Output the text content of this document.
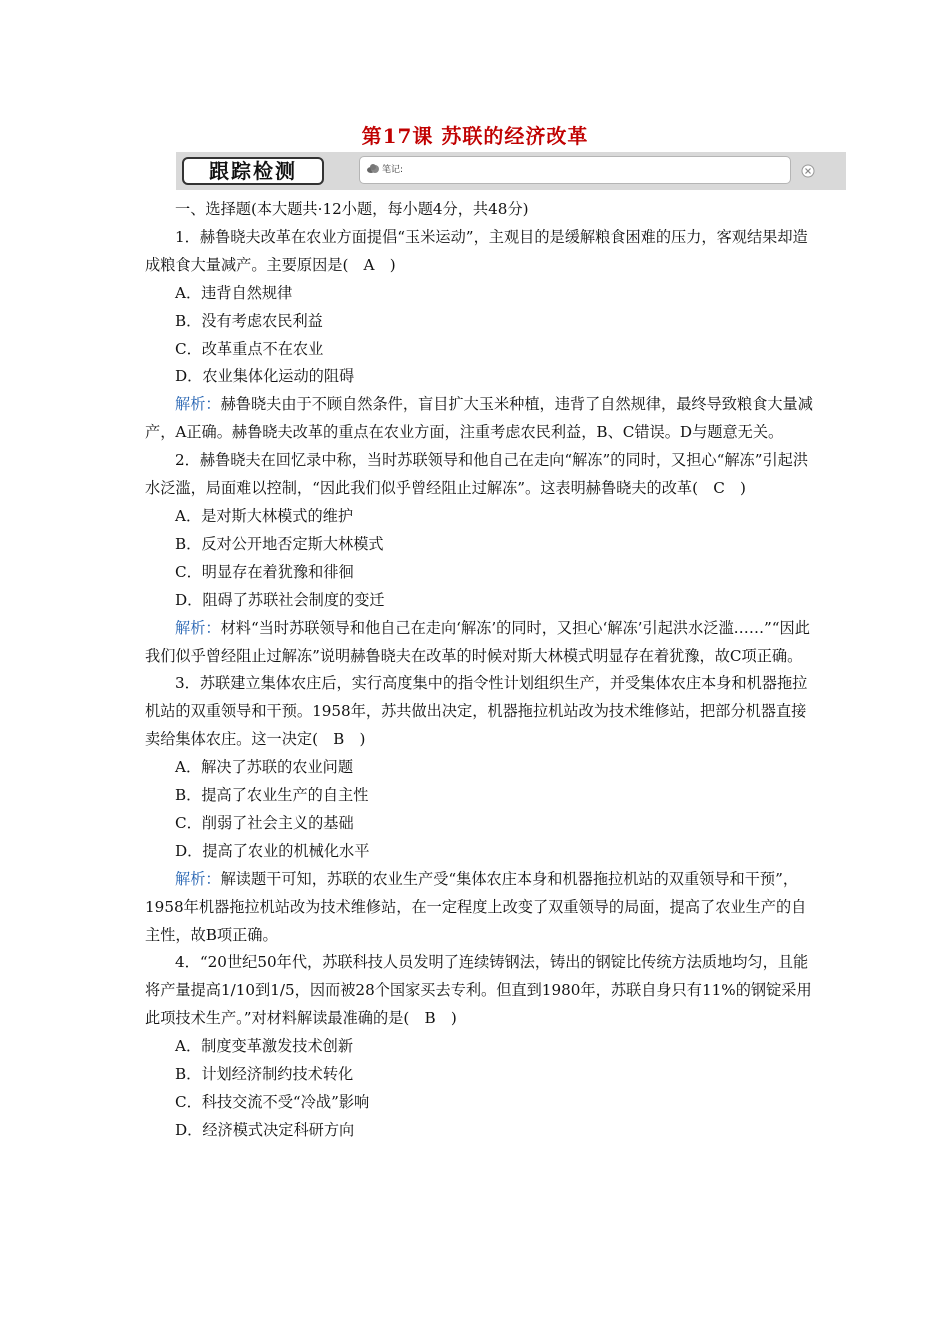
第17课 苏联的经济改革
跟踪检测	笔记:

一、选择题(本大题共·12小题，每小题4分，共48分)

1．赫鲁晓夫改革在农业方面提倡“玉米运动”，主观目的是缓解粮食困难的压力，客观结果却造成粮食大量减产。主要原因是(　A　)

A．违背自然规律

B．没有考虑农民利益

C．改革重点不在农业

D．农业集体化运动的阻碍

解析：赫鲁晓夫由于不顾自然条件，盲目扩大玉米种植，违背了自然规律，最终导致粮食大量减产，A正确。赫鲁晓夫改革的重点在农业方面，注重考虑农民利益，B、C错误。D与题意无关。

2．赫鲁晓夫在回忆录中称，当时苏联领导和他自己在走向“解冻”的同时，又担心“解冻”引起洪水泛滥，局面难以控制，“因此我们似乎曾经阻止过解冻”。这表明赫鲁晓夫的改革(　C　)

A．是对斯大林模式的维护

B．反对公开地否定斯大林模式

C．明显存在着犹豫和徘徊

D．阻碍了苏联社会制度的变迁

解析：材料“当时苏联领导和他自己在走向‘解冻’的同时，又担心‘解冻’引起洪水泛滥……”“因此我们似乎曾经阻止过解冻”说明赫鲁晓夫在改革的时候对斯大林模式明显存在着犹豫，故C项正确。

3．苏联建立集体农庄后，实行高度集中的指令性计划组织生产，并受集体农庄本身和机器拖拉机站的双重领导和干预。1958年，苏共做出决定，机器拖拉机站改为技术维修站，把部分机器直接卖给集体农庄。这一决定(　B　)

A．解决了苏联的农业问题

B．提高了农业生产的自主性

C．削弱了社会主义的基础

D．提高了农业的机械化水平

解析：解读题干可知，苏联的农业生产受“集体农庄本身和机器拖拉机站的双重领导和干预”，1958年机器拖拉机站改为技术维修站，在一定程度上改变了双重领导的局面，提高了农业生产的自主性，故B项正确。

4．“20世纪50年代，苏联科技人员发明了连续铸钢法，铸出的钢锭比传统方法质地均匀，且能将产量提高1/10到1/5，因而被28个国家买去专利。但直到1980年，苏联自身只有11%的钢锭采用此项技术生产。”对材料解读最准确的是(　B　)

A．制度变革激发技术创新

B．计划经济制约技术转化

C．科技交流不受“冷战”影响

D．经济模式决定科研方向
